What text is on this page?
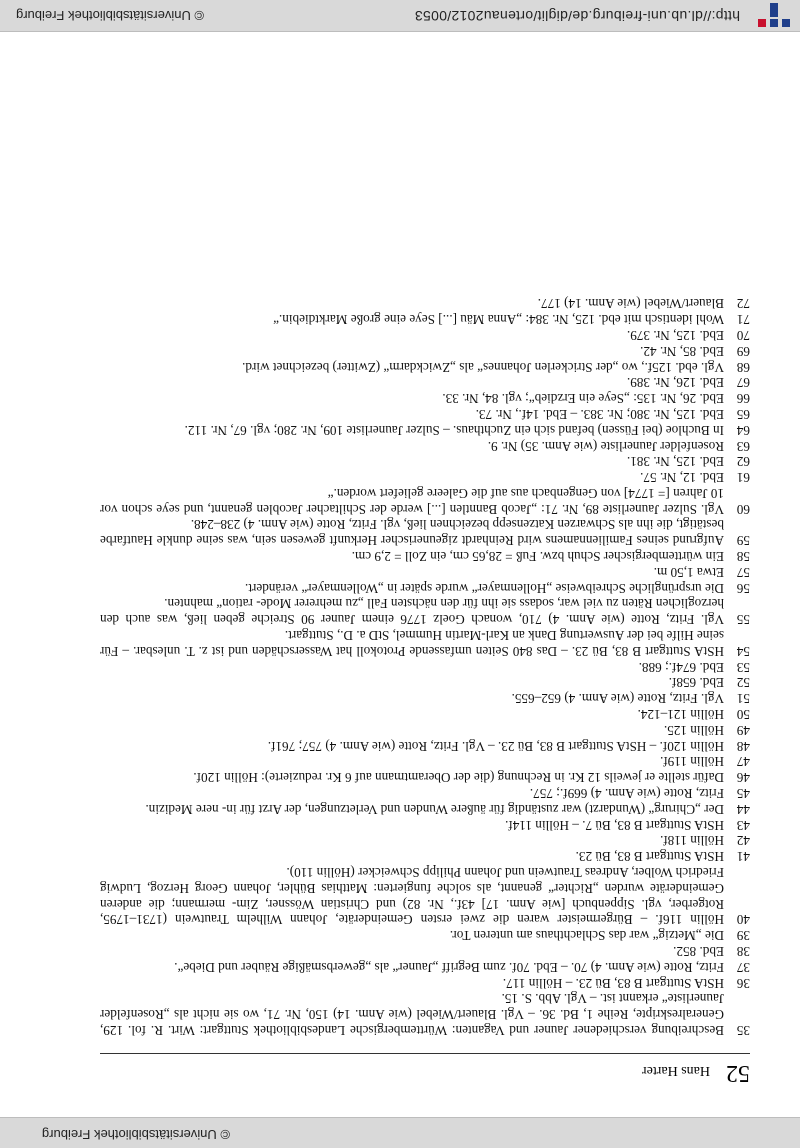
© Universitätsbibliothek Freiburg
52
Hans Harter
35
Beschreibung verschiedener Jauner und Vaganten: Württembergische Landesbibliothek Stuttgart: Wirt. R. fol. 129, Generalreskripte, Reihe 1, Bd. 36. – Vgl. Blauert/Wiebel (wie Anm. 14) 150, Nr. 71, wo sie nicht als „Rosenfelder Jaunerliste“ erkannt ist. – Vgl. Abb. S. 15.
36
HStA Stuttgart B 83, Bü 23. – Höllin 117.
37
Fritz, Rotte (wie Anm. 4) 70. – Ebd. 70f. zum Begriff „Jauner“ als „gewerbsmäßige Räuber und Diebe“.
38
Ebd. 852.
39
Die „Metzig“ war das Schlachthaus am unteren Tor.
40
Höllin 116f. – Bürgermeister waren die zwei ersten Gemeinderäte, Johann Wilhelm Trautwein (1731–1795, Rotgerber, vgl. Sippenbuch [wie Anm. 17] 43f., Nr. 82) und Christian Wössner, Zim- mermann; die anderen Gemeinderäte wurden „Richter“ genannt, als solche fungierten: Matthias Bühler, Johann Georg Herzog, Ludwig Friedrich Wolber, Andreas Trautwein und Johann Philipp Schweicker (Höllin 110).
41
HStA Stuttgart B 83, Bü 23.
42
Höllin 118f.
43
HStA Stuttgart B 83, Bü 7. – Höllin 114f.
44
Der „Chirurg“ (Wundarzt) war zuständig für äußere Wunden und Verletzungen, der Arzt für in- nere Medizin.
45
Fritz, Rotte (wie Anm. 4) 669f.; 757.
46
Dafür stellte er jeweils 12 Kr. in Rechnung (die der Oberamtmann auf 6 Kr. reduzierte): Höllin 120f.
47
Höllin 119f.
48
Höllin 120f. – HStA Stuttgart B 83, Bü 23. – Vgl. Fritz, Rotte (wie Anm. 4) 757; 761f.
49
Höllin 125.
50
Höllin 121–124.
51
Vgl. Fritz, Rotte (wie Anm. 4) 652–655.
52
Ebd. 658f.
53
Ebd. 674f.; 688.
54
HStA Stuttgart B 83, Bü 23. – Das 840 Seiten umfassende Protokoll hat Wasserschäden und ist z. T. unlesbar. – Für seine Hilfe bei der Auswertung Dank an Karl-Martin Hummel, StD a. D., Stuttgart.
55
Vgl. Fritz, Rotte (wie Anm. 4) 710, wonach Goelz 1776 einem Jauner 90 Streiche geben ließ, was auch den herzoglichen Räten zu viel war, sodass sie ihn für den nächsten Fall „zu mehrerer Mode- ration“ mahnten.
56
Die ursprüngliche Schreibweise „Hollenmayer“ wurde später in „Wollenmayer“ verändert.
57
Etwa 1,50 m.
58
Ein württembergischer Schuh bzw. Fuß = 28,65 cm, ein Zoll = 2,9 cm.
59
Aufgrund seines Familiennamens wird Reinhardt zigeunerischer Herkunft gewesen sein, was seine dunkle Hautfarbe bestätigt, die ihn als Schwarzen Katzensepp bezeichnen ließ, vgl. Fritz, Rotte (wie Anm. 4) 238–248.
60
Vgl. Sulzer Jaunerliste 89, Nr. 71: „Jacob Banntlen [...] werde der Schiltacher Jacoblen genannt, und seye schon vor 10 Jahren [= 1774] von Gengenbach aus auf die Galeere geliefert worden.“
61
Ebd. 12, Nr. 57.
62
Ebd. 125, Nr. 381.
63
Rosenfelder Jaunerliste (wie Anm. 35) Nr. 9.
64
In Buchloe (bei Füssen) befand sich ein Zuchthaus. – Sulzer Jaunerliste 109, Nr. 280; vgl. 67, Nr. 112.
65
Ebd. 125, Nr. 380; Nr. 383. – Ebd. 14f., Nr. 73.
66
Ebd. 26, Nr. 135: „Seye ein Erzdieb“; vgl. 84, Nr. 33.
67
Ebd. 126, Nr. 389.
68
Vgl. ebd. 125f., wo „der Strickerlen Johannes“ als „Zwickdarm“ (Zwitter) bezeichnet wird.
69
Ebd. 85, Nr. 42.
70
Ebd. 125, Nr. 379.
71
Wohl identisch mit ebd. 125, Nr. 384: „Anna Mäu [...] Seye eine große Marktdiebin.“
72
Blauert/Wiebel (wie Anm. 14) 177.
http://dl.ub.uni-freiburg.de/diglit/ortenau2012/0053
© Universitätsbibliothek Freiburg
